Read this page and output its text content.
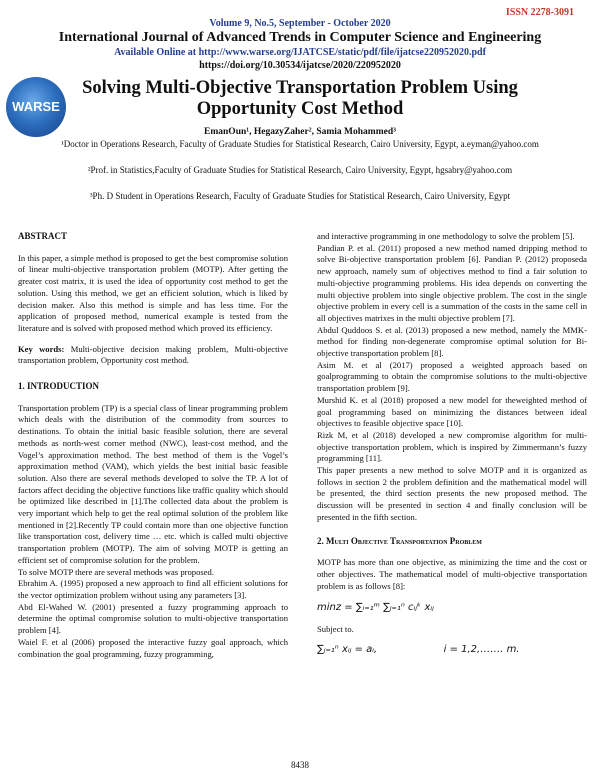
ISSN 2278-3091
Volume 9, No.5, September - October 2020
International Journal of Advanced Trends in Computer Science and Engineering
Available Online at http://www.warse.org/IJATCSE/static/pdf/file/ijatcse220952020.pdf
https://doi.org/10.30534/ijatcse/2020/220952020
WARSE
Solving Multi-Objective Transportation Problem Using
Opportunity Cost Method
EmanOun¹, HegazyZaher², Samia Mohammed³
¹Doctor in Operations Research, Faculty of Graduate Studies for Statistical Research, Cairo University, Egypt, a.eyman@yahoo.com
²Prof. in Statistics,Faculty of Graduate Studies for Statistical Research, Cairo University, Egypt, hgsabry@yahoo.com
³Ph. D Student in Operations Research, Faculty of Graduate Studies for Statistical Research, Cairo University, Egypt

ABSTRACT

In this paper, a simple method is proposed to get the best compromise solution of linear multi-objective transportation problem (MOTP). After getting the greater cost matrix, it is used the idea of opportunity cost method to get the solution. Using this method, we get an efficient solution, which is liked by decision maker. Also this method is simple and has less time. For the application of proposed method, numerical example is tested from the literature and is solved with proposed method which proved its efficiency.

Key words: Multi-objective decision making problem, Multi-objective transportation problem, Opportunity cost method.

1. INTRODUCTION

Transportation problem (TP) is a special class of linear programming problem which deals with the distribution of the commodity from sources to destinations. To obtain the initial basic feasible solution, there are several methods as north-west corner method (NWC), least-cost method, and the Vogel’s approximation method. The best method of them is the Vogel’s approximation method (VAM), which yields the best initial basic feasible solution. Also there are several methods developed to solve the TP. A lot of factors affect deciding the objective functions like traffic quality which should be optimized like described in [1].The collected data about the problem is very important which help to get the real optimal solution of the problem like mentioned in [2].Recently TP could contain more than one objective function like transportation cost, delivery time … etc. which is called multi objective transportation problem (MOTP). The aim of solving MOTP is getting an efficient set of compromise solution for the problem.

To solve MOTP there are several methods was proposed.

Ebrahim A. (1995) proposed a new approach to find all efficient solutions for the vector optimization problem without using any parameters [3].

Abd El-Wahed W. (2001) presented a fuzzy programming approach to determine the optimal compromise solution to multi-objective transportation problem [4].

Waiel F. et al (2006) proposed the interactive fuzzy goal approach, which combination the goal programming, fuzzy programming,

and interactive programming in one methodology to solve the problem [5].

Pandian P. et al. (2011) proposed a new method named dripping method to solve Bi-objective transportation problem [6]. Pandian P. (2012) proposeda new approach, namely sum of objectives method to find a fair solution to multi-objective programming problems. His idea depends on converting the multi objective problem into single objective problem. The cost in the single objective problem in every cell is a summation of the costs in the same cell in all objectives matrixes in the multi objective problem [7].

Abdul Quddoos S. et al. (2013) proposed a new method, namely the MMK-method for finding non-degenerate compromise optimal solution for Bi-objective transportation problem [8].

Asim M. et al (2017) proposed a weighted approach based on goalprogramming to obtain the compromise solutions to the multi-objective transportation problem [9].

Murshid K. et al (2018) proposed a new model for theweighted method of goal programming based on minimizing the distances between ideal objectives to feasible objective space [10].

Rizk M, et al (2018) developed a new compromise algorithm for multi-objective transportation problem, which is inspired by Zimmermann’s fuzzy programming [11].

This paper presents a new method to solve MOTP and it is organized as follows in section 2 the problem definition and the mathematical model will be presented, the third section presents the new proposed method. The discussion will be presented in section 4 and finally conclusion will be presented in the fifth section.

2. Multi Objective Transportation Problem

MOTP has more than one objective, as minimizing the time and the cost or other objectives. The mathematical model of multi-objective transportation problem is as follows [8]:

minz = ∑ᵢ₌₁ᵐ ∑ⱼ₌₁ⁿ cᵢⱼᵏ xᵢⱼ

Subject to.

∑ⱼ₌₁ⁿ xᵢⱼ = aᵢ,	i = 1,2,……. m.

8438
